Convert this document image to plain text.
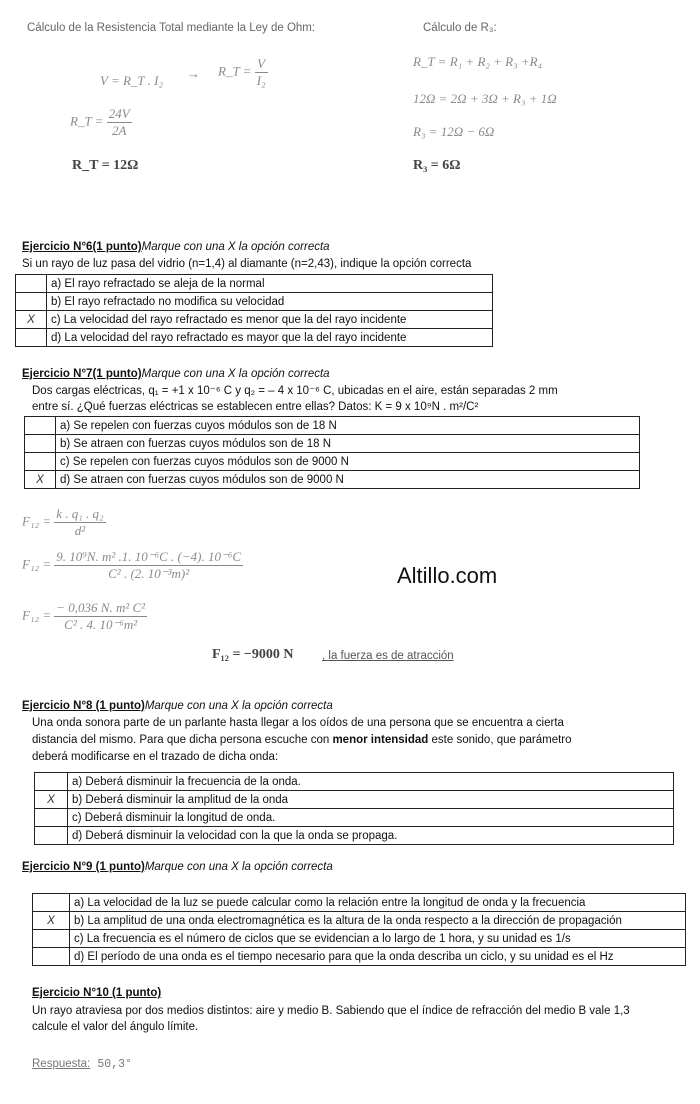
Cálculo de la Resistencia Total mediante la Ley de Ohm:	Cálculo de R₃:
V = R_T . I₂ → R_T = $\frac{V}{\text{I₂}}$
R_T = $\frac{24V}{2A}$
R_T = 12Ω
R_T = R₁ + R₂ + R₃ +R₄
12Ω = 2Ω + 3Ω + R₃ + 1Ω
R₃ = 12Ω − 6Ω
R₃ = 6Ω
Ejercicio N°6(1 punto)Marque con una X la opción correcta
Si un rayo de luz pasa del vidrio (n=1,4) al diamante (n=2,43), indique la opción correcta
	a) El rayo refractado se aleja de la normal
	b) El rayo refractado no modifica su velocidad
X	c) La velocidad del rayo refractado es menor que la del rayo incidente
	d) La velocidad del rayo refractado es mayor que la del rayo incidente
Ejercicio N°7(1 punto)Marque con una X la opción correcta
Dos cargas eléctricas, q₁ = +1 x 10⁻⁶ C y q₂ = – 4 x 10⁻⁶ C, ubicadas en el aire, están separadas 2 mm
entre sí. ¿Qué fuerzas eléctricas se establecen entre ellas? Datos: K = 9 x 10⁹N . m²/C²
	a) Se repelen con fuerzas cuyos módulos son de 18 N
	b) Se atraen con fuerzas cuyos módulos son de 18 N
	c) Se repelen con fuerzas cuyos módulos son de 9000 N
X	d) Se atraen con fuerzas cuyos módulos son de 9000 N
$F_{12} = \frac{\text{k . q₁ . q₂}}{\text{d²}}$
$F_{12} = \frac{\text{9. 10⁹N. m² .1. 10⁻⁶C . (−4). 10⁻⁶C}}{\text{C² . (2. 10⁻³m)²}}$
$F_{12} = \frac{\text{− 0,036 N. m² C²}}{\text{C² . 4. 10⁻⁶m²}}$
F₁₂ = −9000 N , la fuerza es de atracción
Altillo.com
Ejercicio N°8 (1 punto)Marque con una X la opción correcta
Una onda sonora parte de un parlante hasta llegar a los oídos de una persona que se encuentra a cierta
distancia del mismo. Para que dicha persona escuche con menor intensidad este sonido, que parámetro
deberá modificarse en el trazado de dicha onda:
	a) Deberá disminuir la frecuencia de la onda.
X	b) Deberá disminuir la amplitud de la onda
	c) Deberá disminuir la longitud de onda.
	d) Deberá disminuir la velocidad con la que la onda se propaga.
Ejercicio N°9 (1 punto)Marque con una X la opción correcta
	a) La velocidad de la luz se puede calcular como la relación entre la longitud de onda y la frecuencia
X	b) La amplitud de una onda electromagnética es la altura de la onda respecto a la dirección de propagación
	c) La frecuencia es el número de ciclos que se evidencian a lo largo de 1 hora, y su unidad es 1/s
	d) El período de una onda es el tiempo necesario para que la onda describa un ciclo, y su unidad es el Hz
Ejercicio N°10 (1 punto)
Un rayo atraviesa por dos medios distintos: aire y medio B. Sabiendo que el índice de refracción del medio B vale 1,3
calcule el valor del ángulo límite.
Respuesta: 50,3°
